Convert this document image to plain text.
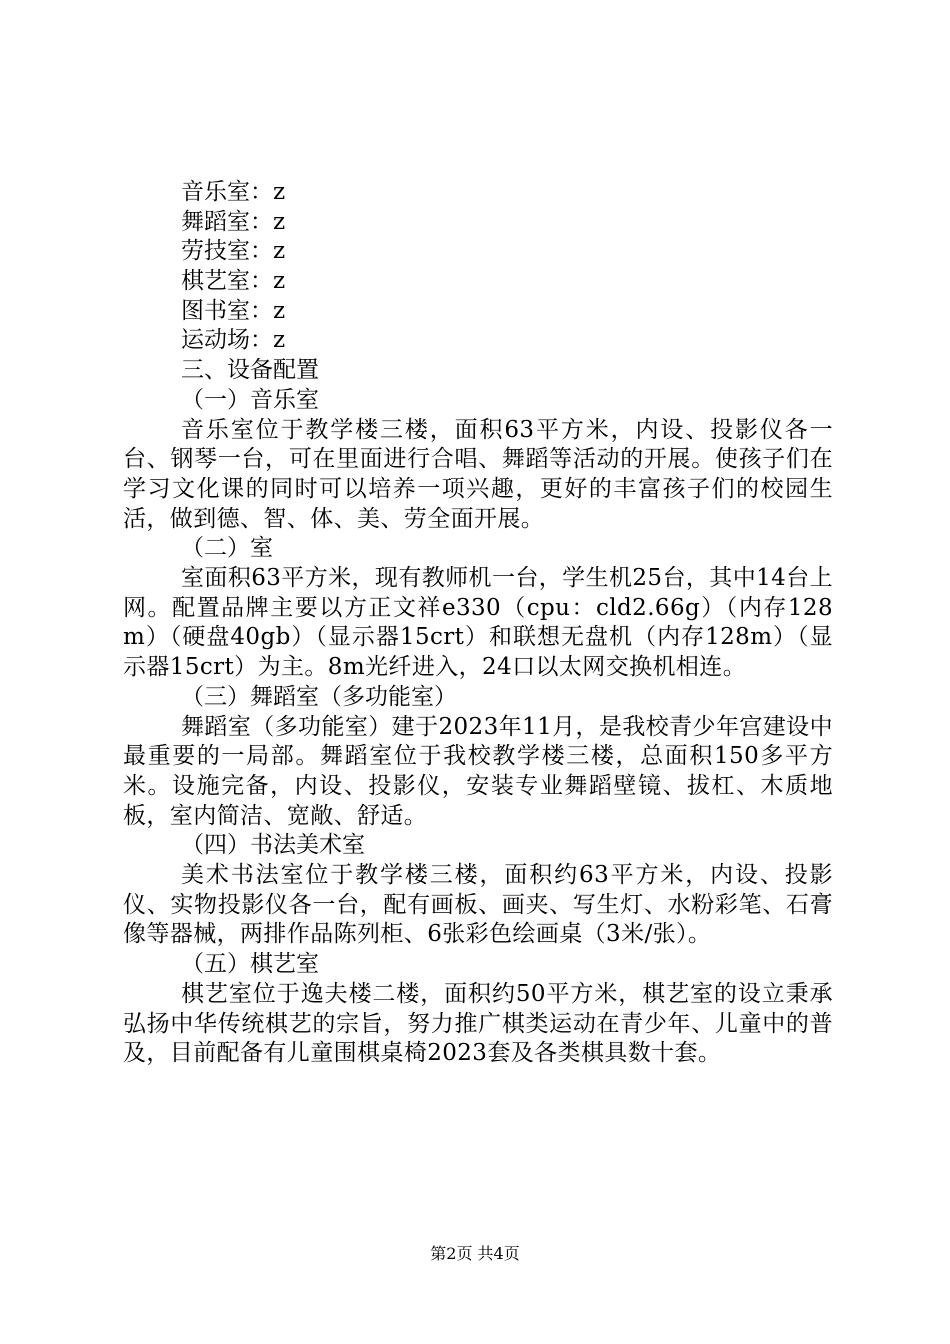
音乐室：z
舞蹈室：z
劳技室：z
棋艺室：z
图书室：z
运动场：z
三、设备配置
（一）音乐室

音乐室位于教学楼三楼，面积63平方米，内设、投影仪各一台、钢琴一台，可在里面进行合唱、舞蹈等活动的开展。使孩子们在学习文化课的同时可以培养一项兴趣，更好的丰富孩子们的校园生活，做到德、智、体、美、劳全面开展。

（二）室

室面积63平方米，现有教师机一台，学生机25台，其中14台上网。配置品牌主要以方正文祥e330（cpu：cld2.66g）（内存128m）（硬盘40gb）（显示器15crt）和联想无盘机（内存128m）（显示器15crt）为主。8m光纤进入，24口以太网交换机相连。

（三）舞蹈室（多功能室）

舞蹈室（多功能室）建于2023年11月，是我校青少年宫建设中最重要的一局部。舞蹈室位于我校教学楼三楼，总面积150多平方米。设施完备，内设、投影仪，安装专业舞蹈壁镜、拔杠、木质地板，室内简洁、宽敞、舒适。

（四）书法美术室

美术书法室位于教学楼三楼，面积约63平方米，内设、投影仪、实物投影仪各一台，配有画板、画夹、写生灯、水粉彩笔、石膏像等器械，两排作品陈列柜、6张彩色绘画桌（3米/张）。

（五）棋艺室

棋艺室位于逸夫楼二楼，面积约50平方米，棋艺室的设立秉承弘扬中华传统棋艺的宗旨，努力推广棋类运动在青少年、儿童中的普及，目前配备有儿童围棋桌椅2023套及各类棋具数十套。

第2页 共4页
